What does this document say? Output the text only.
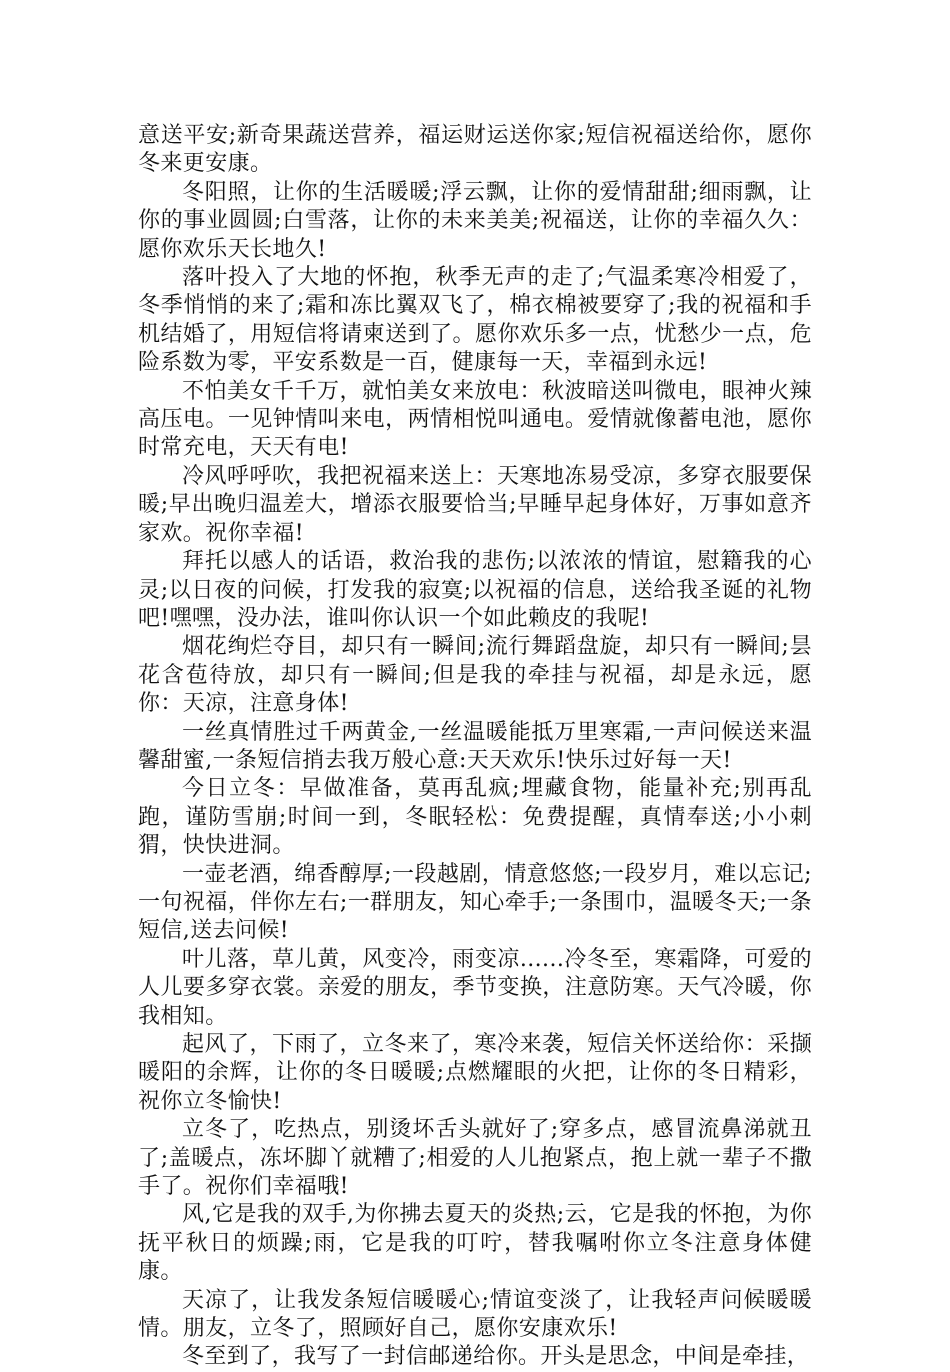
意送平安;新奇果蔬送营养，福运财运送你家;短信祝福送给你，愿你冬来更安康。

冬阳照，让你的生活暖暖;浮云飘，让你的爱情甜甜;细雨飘，让你的事业圆圆;白雪落，让你的未来美美;祝福送，让你的幸福久久：愿你欢乐天长地久!

落叶投入了大地的怀抱，秋季无声的走了;气温柔寒冷相爱了，冬季悄悄的来了;霜和冻比翼双飞了，棉衣棉被要穿了;我的祝福和手机结婚了，用短信将请柬送到了。愿你欢乐多一点，忧愁少一点，危险系数为零，平安系数是一百，健康每一天，幸福到永远!

不怕美女千千万，就怕美女来放电：秋波暗送叫微电，眼神火辣高压电。一见钟情叫来电，两情相悦叫通电。爱情就像蓄电池，愿你时常充电，天天有电!

冷风呼呼吹，我把祝福来送上：天寒地冻易受凉，多穿衣服要保暖;早出晚归温差大，增添衣服要恰当;早睡早起身体好，万事如意齐家欢。祝你幸福!

拜托以感人的话语，救治我的悲伤;以浓浓的情谊，慰籍我的心灵;以日夜的问候，打发我的寂寞;以祝福的信息，送给我圣诞的礼物吧!嘿嘿，没办法，谁叫你认识一个如此赖皮的我呢!

烟花绚烂夺目，却只有一瞬间;流行舞蹈盘旋，却只有一瞬间;昙花含苞待放，却只有一瞬间;但是我的牵挂与祝福，却是永远，愿你：天凉，注意身体!

一丝真情胜过千两黄金,一丝温暖能抵万里寒霜,一声问候送来温馨甜蜜,一条短信捎去我万般心意:天天欢乐!快乐过好每一天!

今日立冬：早做准备，莫再乱疯;埋藏食物，能量补充;别再乱跑，谨防雪崩;时间一到，冬眠轻松：免费提醒，真情奉送;小小刺猬，快快进洞。

一壶老酒，绵香醇厚;一段越剧，情意悠悠;一段岁月，难以忘记;一句祝福，伴你左右;一群朋友，知心牵手;一条围巾，温暖冬天;一条短信,送去问候!

叶儿落，草儿黄，风变冷，雨变凉......冷冬至，寒霜降，可爱的人儿要多穿衣裳。亲爱的朋友，季节变换，注意防寒。天气冷暖，你我相知。

起风了，下雨了，立冬来了，寒冷来袭，短信关怀送给你：采撷暖阳的余辉，让你的冬日暖暖;点燃耀眼的火把，让你的冬日精彩，祝你立冬愉快!

立冬了，吃热点，别烫坏舌头就好了;穿多点，感冒流鼻涕就丑了;盖暖点，冻坏脚丫就糟了;相爱的人儿抱紧点，抱上就一辈子不撒手了。祝你们幸福哦!

风,它是我的双手,为你拂去夏天的炎热;云，它是我的怀抱，为你抚平秋日的烦躁;雨，它是我的叮咛，替我嘱咐你立冬注意身体健康。

天凉了，让我发条短信暖暖心;情谊变淡了，让我轻声问候暖暖情。朋友，立冬了，照顾好自己，愿你安康欢乐!

冬至到了，我写了一封信邮递给你。开头是思念，中间是牵挂，
